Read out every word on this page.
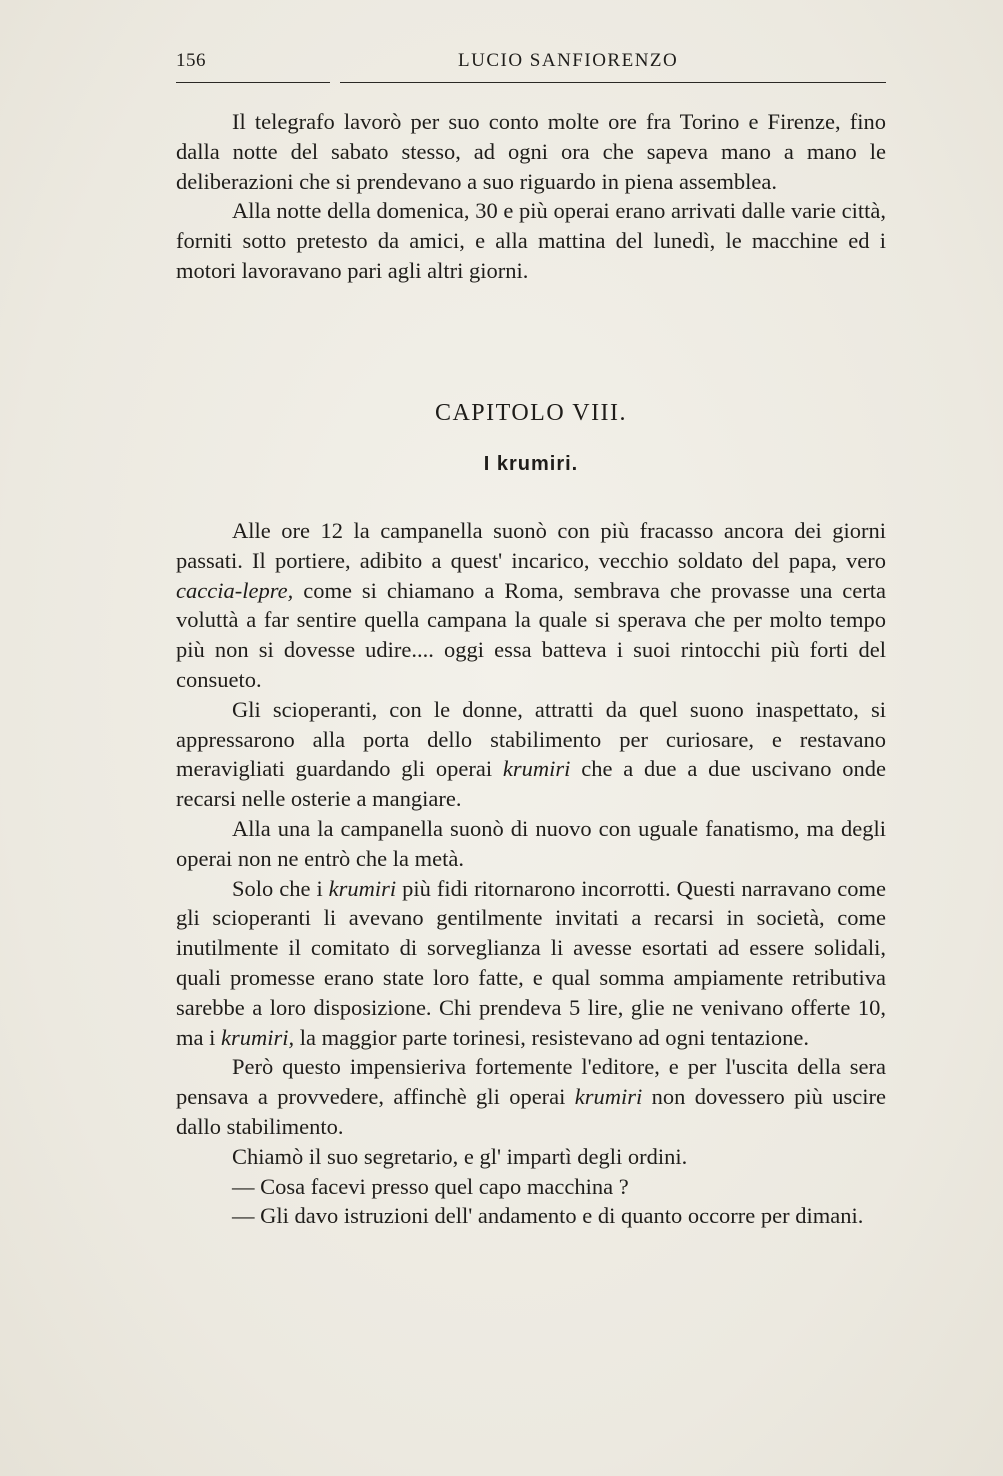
156	LUCIO SANFIORENZO

Il telegrafo lavorò per suo conto molte ore fra Torino e Firenze, fino dalla notte del sabato stesso, ad ogni ora che sapeva mano a mano le deliberazioni che si prendevano a suo riguardo in piena assemblea.

Alla notte della domenica, 30 e più operai erano arrivati dalle varie città, forniti sotto pretesto da amici, e alla mattina del lunedì, le macchine ed i motori lavoravano pari agli altri giorni.

CAPITOLO VIII.
I krumiri.

Alle ore 12 la campanella suonò con più fracasso ancora dei giorni passati. Il portiere, adibito a quest' incarico, vecchio soldato del papa, vero caccia-lepre, come si chiamano a Roma, sembrava che provasse una certa voluttà a far sentire quella campana la quale si sperava che per molto tempo più non si dovesse udire.... oggi essa batteva i suoi rintocchi più forti del consueto.

Gli scioperanti, con le donne, attratti da quel suono inaspettato, si appressarono alla porta dello stabilimento per curiosare, e restavano meravigliati guardando gli operai krumiri che a due a due uscivano onde recarsi nelle osterie a mangiare.

Alla una la campanella suonò di nuovo con uguale fanatismo, ma degli operai non ne entrò che la metà.

Solo che i krumiri più fidi ritornarono incorrotti. Questi narravano come gli scioperanti li avevano gentilmente invitati a recarsi in società, come inutilmente il comitato di sorveglianza li avesse esortati ad essere solidali, quali promesse erano state loro fatte, e qual somma ampiamente retributiva sarebbe a loro disposizione. Chi prendeva 5 lire, glie ne venivano offerte 10, ma i krumiri, la maggior parte torinesi, resistevano ad ogni tentazione.

Però questo impensieriva fortemente l'editore, e per l'uscita della sera pensava a provvedere, affinchè gli operai krumiri non dovessero più uscire dallo stabilimento.

Chiamò il suo segretario, e gl' impartì degli ordini.

— Cosa facevi presso quel capo macchina ?

— Gli davo istruzioni dell' andamento e di quanto occorre per dimani.
